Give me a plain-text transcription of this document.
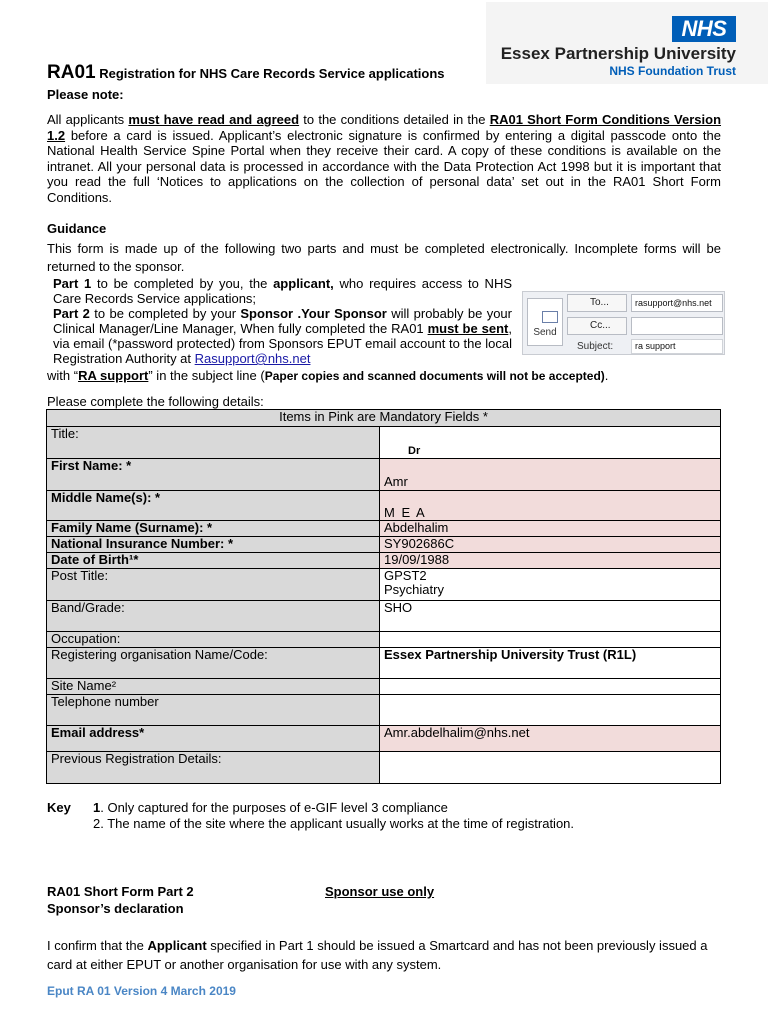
NHS
Essex Partnership University
NHS Foundation Trust
RA01 Registration for NHS Care Records Service applications
Please note:

All applicants must have read and agreed to the conditions detailed in the RA01 Short Form Conditions Version 1.2 before a card is issued. Applicant’s electronic signature is confirmed by entering a digital passcode onto the National Health Service Spine Portal when they receive their card. A copy of these conditions is available on the intranet. All your personal data is processed in accordance with the Data Protection Act 1998 but it is important that you read the full ‘Notices to applications on the collection of personal data’ set out in the RA01 Short Form Conditions.

Guidance

This form is made up of the following two parts and must be completed electronically. Incomplete forms will be returned to the sponsor.

Part 1 to be completed by you, the applicant, who requires access to NHS Care Records Service applications;
Part 2 to be completed by your Sponsor .Your Sponsor will probably be your Clinical Manager/Line Manager, When fully completed the RA01 must be sent, via email (*password protected) from Sponsors EPUT email account to the local Registration Authority at Rasupport@nhs.net

with “RA support” in the subject line (Paper copies and scanned documents will not be accepted).
Send
To...	rasupport@nhs.net
Cc...
Subject:	ra support
Please complete the following details:
Items in Pink are Mandatory Fields *	
Title:	Dr
First Name: *	Amr
Middle Name(s): *	M E A
Family Name (Surname): *	Abdelhalim
National Insurance Number: *	SY902686C
Date of Birth¹*	19/09/1988
Post Title:	GPST2
Psychiatry
Band/Grade:	SHO
Occupation:	
Registering organisation Name/Code:	Essex Partnership University Trust (R1L)
Site Name²	
Telephone number	
Email address*	Amr.abdelhalim@nhs.net
Previous Registration Details:	
Key 1. Only captured for the purposes of e-GIF level 3 compliance
2. The name of the site where the applicant usually works at the time of registration.
RA01 Short Form Part 2	Sponsor use only
Sponsor’s declaration

I confirm that the Applicant specified in Part 1 should be issued a Smartcard and has not been previously issued a card at either EPUT or another organisation for use with any system.

Eput RA 01 Version 4 March 2019
